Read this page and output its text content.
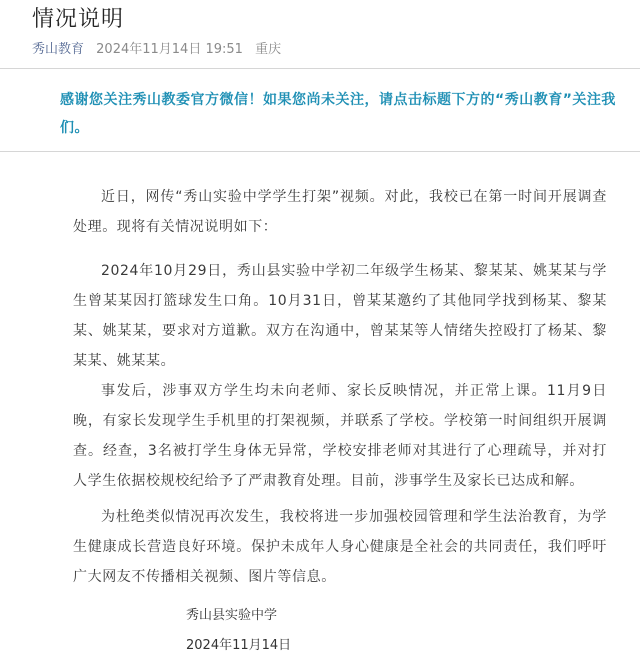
情况说明
秀山教育 2024年11月14日 19:51 重庆
感谢您关注秀山教委官方微信！如果您尚未关注，请点击标题下方的“秀山教育”关注我们。

近日，网传“秀山实验中学学生打架”视频。对此，我校已在第一时间开展调查处理。现将有关情况说明如下：

2024年10月29日，秀山县实验中学初二年级学生杨某、黎某某、姚某某与学生曾某某因打篮球发生口角。10月31日，曾某某邀约了其他同学找到杨某、黎某某、姚某某，要求对方道歉。双方在沟通中，曾某某等人情绪失控殴打了杨某、黎某某、姚某某。

事发后，涉事双方学生均未向老师、家长反映情况，并正常上课。11月9日晚，有家长发现学生手机里的打架视频，并联系了学校。学校第一时间组织开展调查。经查，3名被打学生身体无异常，学校安排老师对其进行了心理疏导，并对打人学生依据校规校纪给予了严肃教育处理。目前，涉事学生及家长已达成和解。

为杜绝类似情况再次发生，我校将进一步加强校园管理和学生法治教育，为学生健康成长营造良好环境。保护未成年人身心健康是全社会的共同责任，我们呼吁广大网友不传播相关视频、图片等信息。

秀山县实验中学
2024年11月14日
